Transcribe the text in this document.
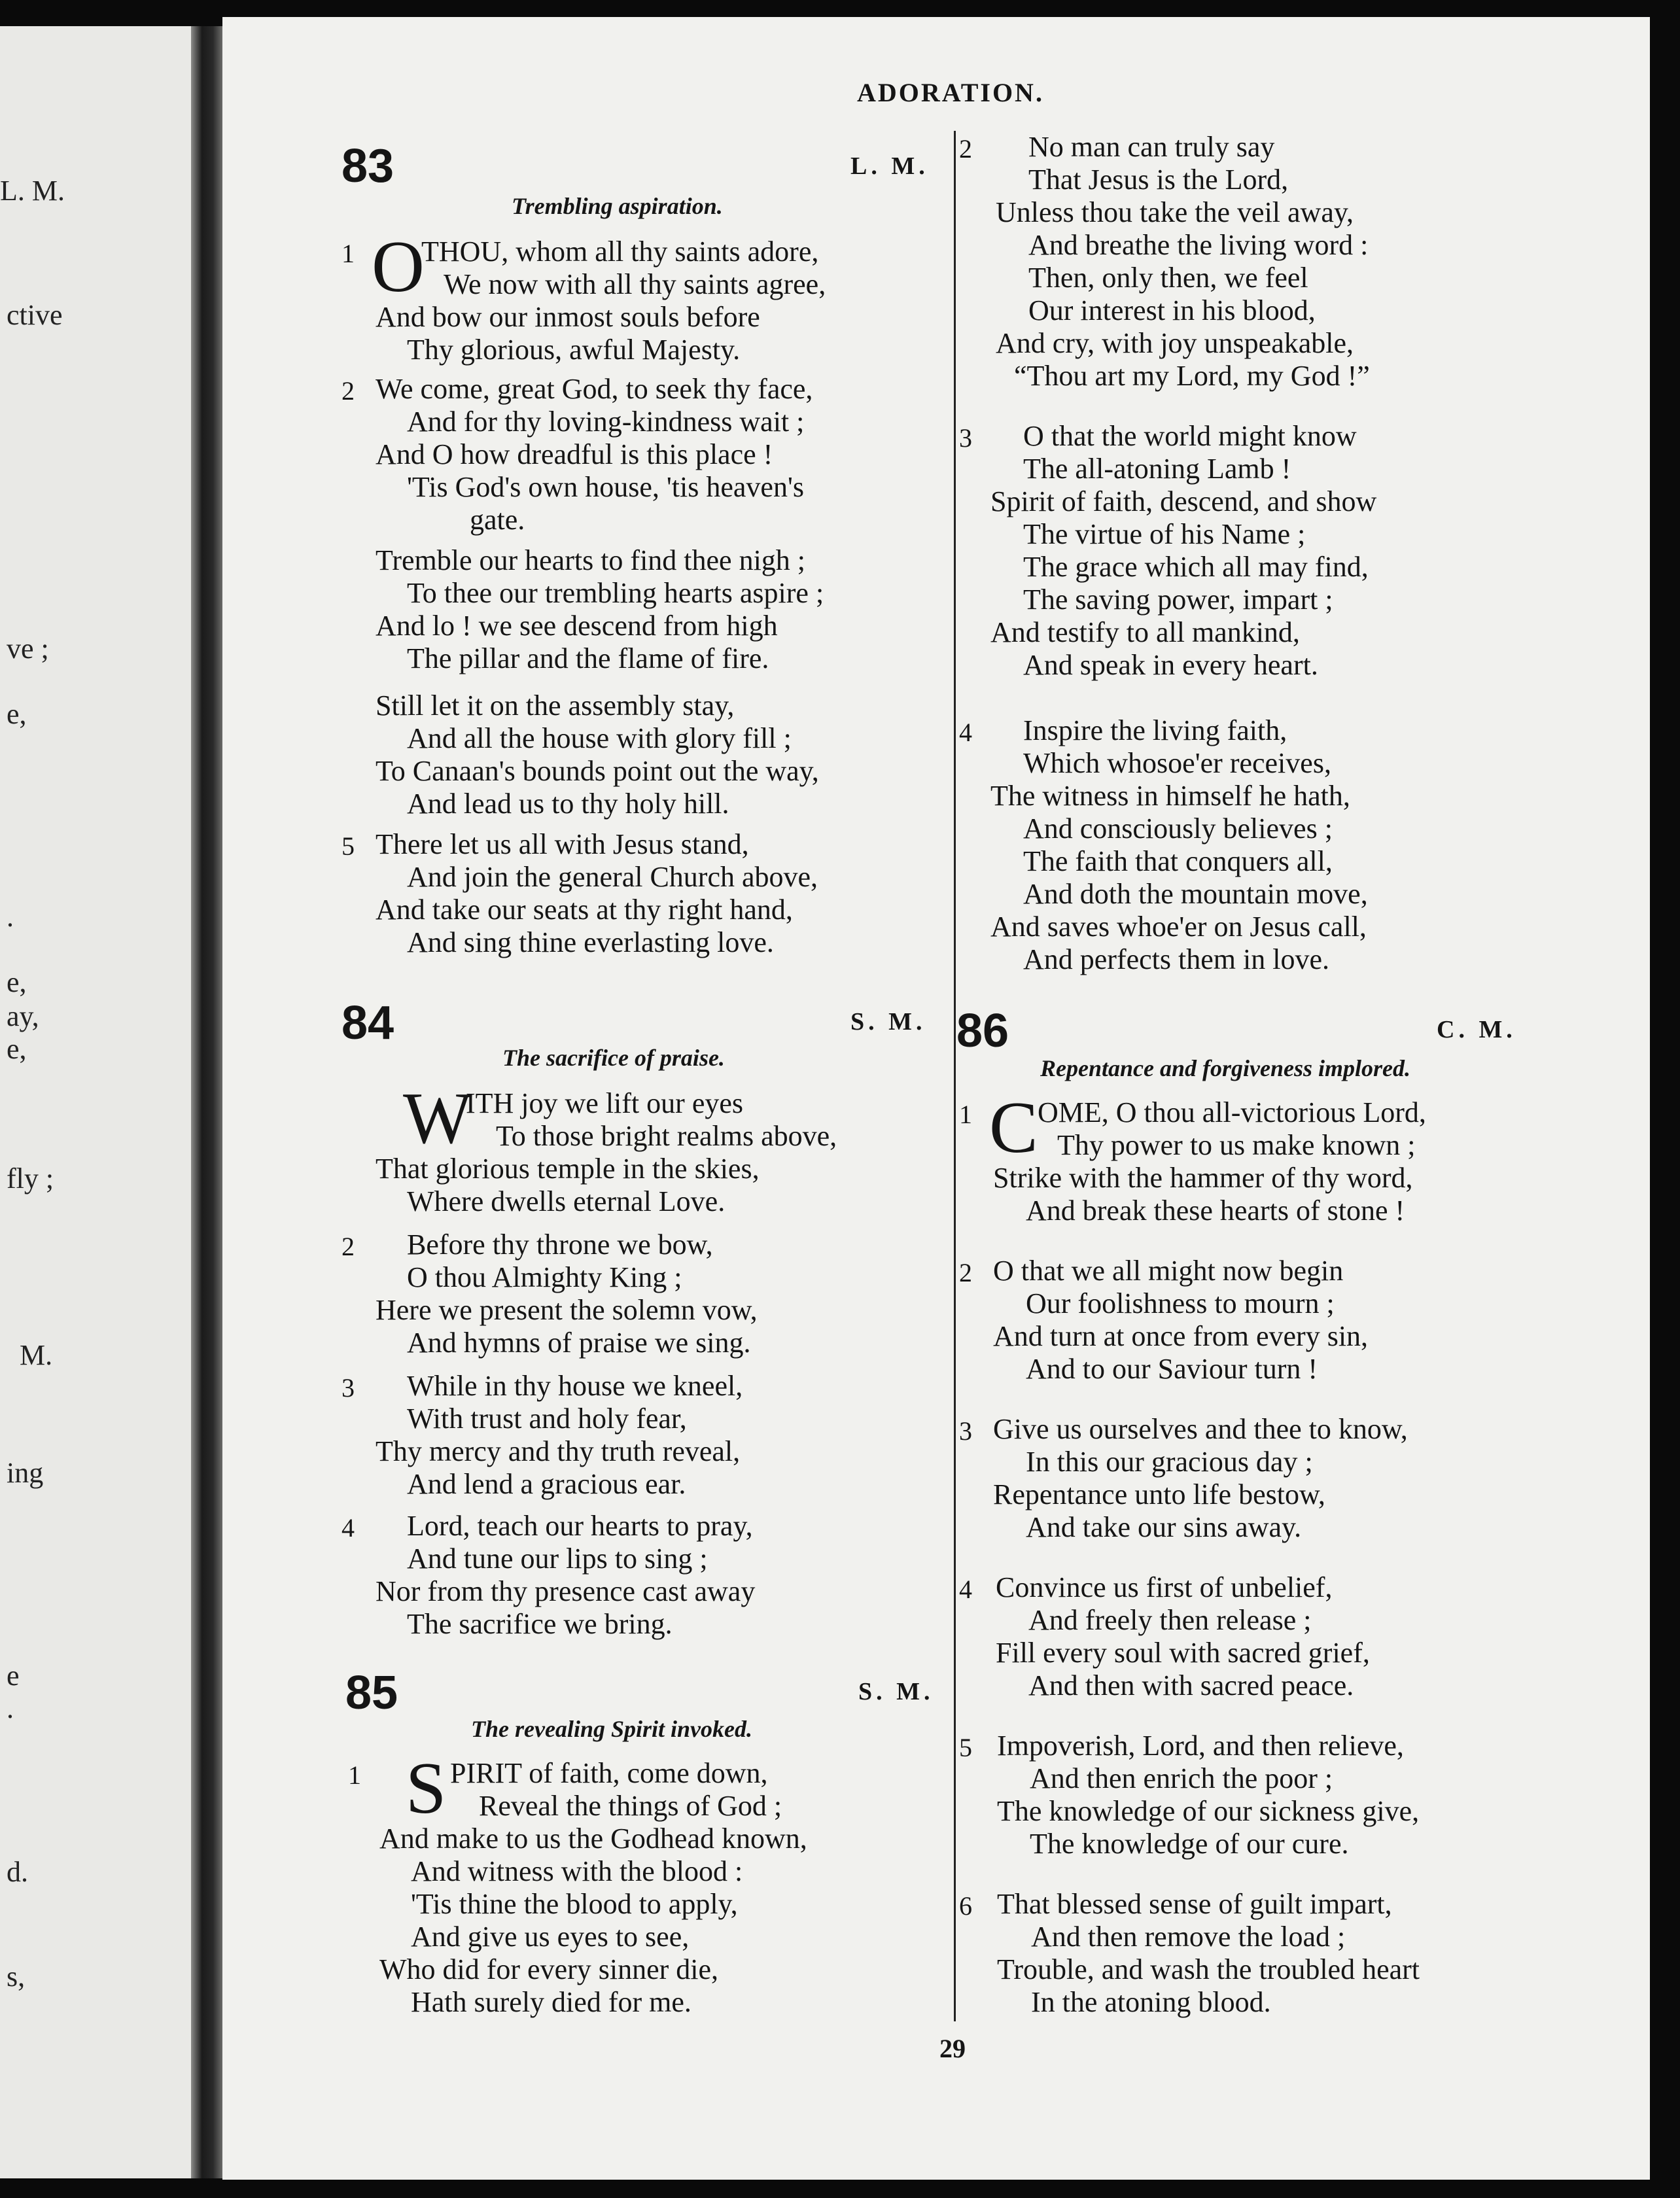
L. M.
ctive
ve ;
e,
.
e,
ay,
e,
fly ;
M.
ing
e
.
d.
s,
ADORATION.
83	L. M.
Trembling aspiration.
1 O
THOU, whom all thy saints adore,
We now with all thy saints agree,
And bow our inmost souls before
Thy glorious, awful Majesty.
2 We come, great God, to seek thy face,
And for thy loving-kindness wait ;
And O how dreadful is this place !
'Tis God's own house, 'tis heaven's
gate.
Tremble our hearts to find thee nigh ;
To thee our trembling hearts aspire ;
And lo ! we see descend from high
The pillar and the flame of fire.
Still let it on the assembly stay,
And all the house with glory fill ;
To Canaan's bounds point out the way,
And lead us to thy holy hill.
5 There let us all with Jesus stand,
And join the general Church above,
And take our seats at thy right hand,
And sing thine everlasting love.
84	S. M.
The sacrifice of praise.
W
ITH joy we lift our eyes
To those bright realms above,
That glorious temple in the skies,
Where dwells eternal Love.
2 Before thy throne we bow,
O thou Almighty King ;
Here we present the solemn vow,
And hymns of praise we sing.
3 While in thy house we kneel,
With trust and holy fear,
Thy mercy and thy truth reveal,
And lend a gracious ear.
4 Lord, teach our hearts to pray,
And tune our lips to sing ;
Nor from thy presence cast away
The sacrifice we bring.
85	S. M.
The revealing Spirit invoked.
1 S PIRIT of faith, come down,
Reveal the things of God ;
And make to us the Godhead known,
And witness with the blood :
'Tis thine the blood to apply,
And give us eyes to see,
Who did for every sinner die,
Hath surely died for me.
2 No man can truly say
That Jesus is the Lord,
Unless thou take the veil away,
And breathe the living word :
Then, only then, we feel
Our interest in his blood,
And cry, with joy unspeakable,
“Thou art my Lord, my God !”
3 O that the world might know
The all-atoning Lamb !
Spirit of faith, descend, and show
The virtue of his Name ;
The grace which all may find,
The saving power, impart ;
And testify to all mankind,
And speak in every heart.
4 Inspire the living faith,
Which whosoe'er receives,
The witness in himself he hath,
And consciously believes ;
The faith that conquers all,
And doth the mountain move,
And saves whoe'er on Jesus call,
And perfects them in love.
86	C. M.
Repentance and forgiveness implored.
1 C OME, O thou all-victorious Lord,
Thy power to us make known ;
Strike with the hammer of thy word,
And break these hearts of stone !
2 O that we all might now begin
Our foolishness to mourn ;
And turn at once from every sin,
And to our Saviour turn !
3 Give us ourselves and thee to know,
In this our gracious day ;
Repentance unto life bestow,
And take our sins away.
4 Convince us first of unbelief,
And freely then release ;
Fill every soul with sacred grief,
And then with sacred peace.
5 Impoverish, Lord, and then relieve,
And then enrich the poor ;
The knowledge of our sickness give,
The knowledge of our cure.
6 That blessed sense of guilt impart,
And then remove the load ;
Trouble, and wash the troubled heart
In the atoning blood.
29
